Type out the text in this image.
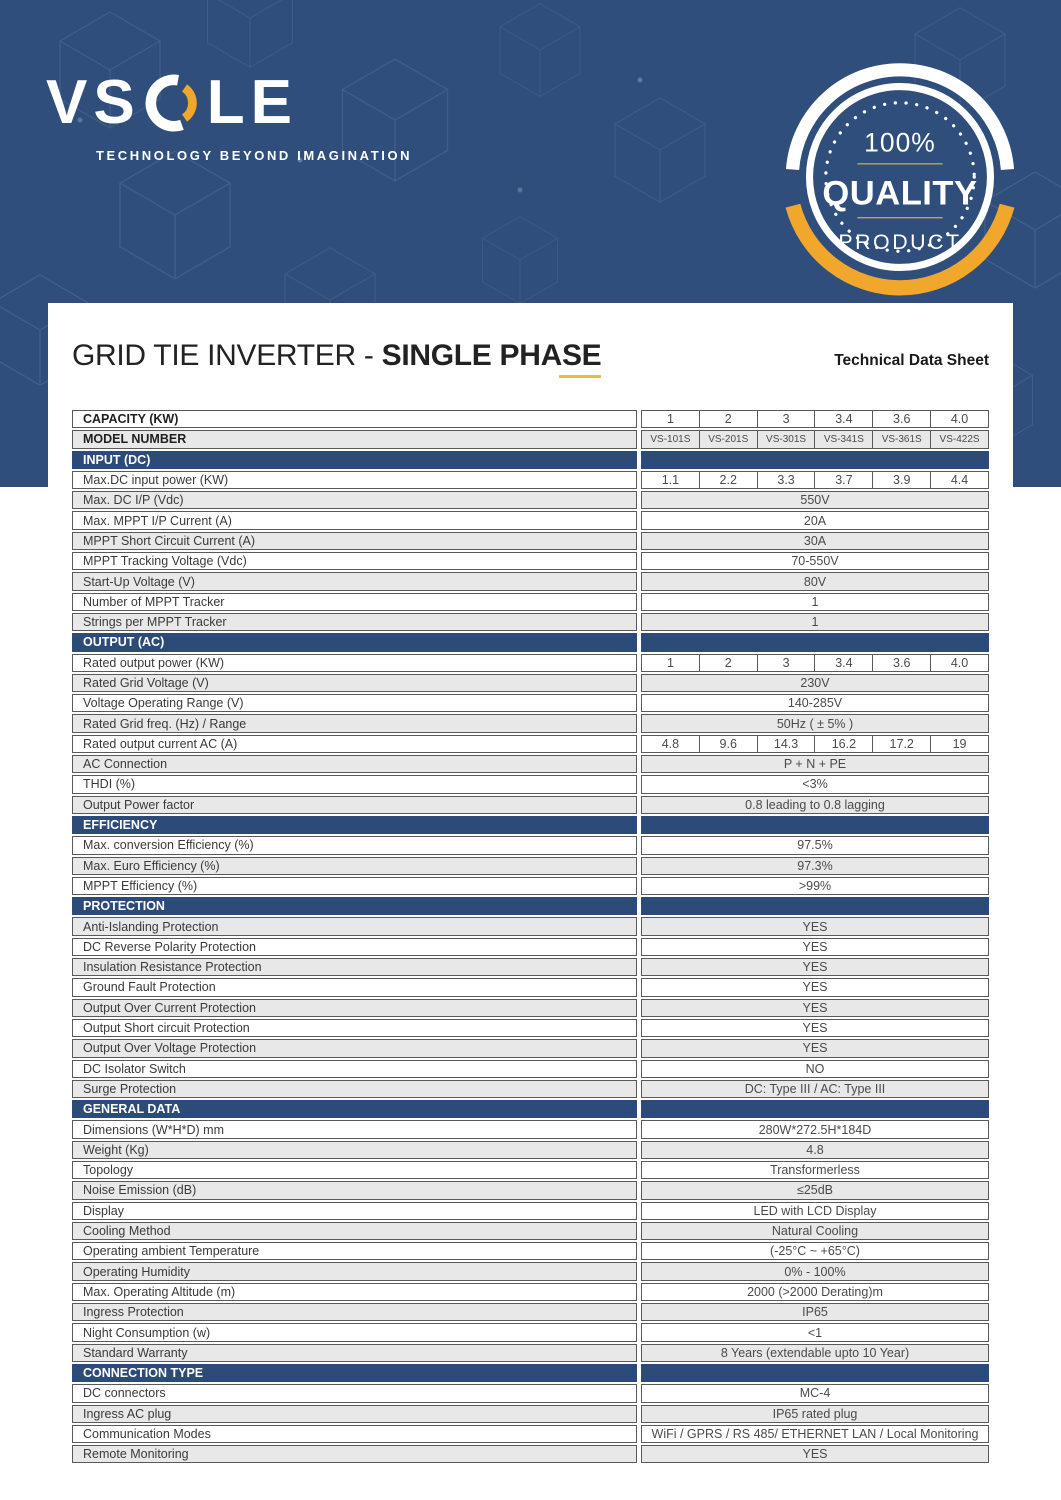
VS LE
TECHNOLOGY BEYOND IMAGINATION	100%
QUALITY
PRODUCT
GRID TIE INVERTER - SINGLE PHASE	Technical Data Sheet
CAPACITY (KW)	1	2	3	3.4	3.6	4.0
MODEL NUMBER	VS-101S	VS-201S	VS-301S	VS-341S	VS-361S	VS-422S
INPUT (DC)
Max.DC input power (KW)	1.1	2.2	3.3	3.7	3.9	4.4
Max. DC I/P (Vdc)	550V
Max. MPPT I/P Current (A)	20A
MPPT Short Circuit Current (A)	30A
MPPT Tracking Voltage (Vdc)	70-550V
Start-Up Voltage (V)	80V
Number of MPPT Tracker	1
Strings per MPPT Tracker	1
OUTPUT (AC)
Rated output power (KW)	1	2	3	3.4	3.6	4.0
Rated Grid Voltage (V)	230V
Voltage Operating Range (V)	140-285V
Rated Grid freq. (Hz) / Range	50Hz ( ± 5% )
Rated output current AC (A)	4.8	9.6	14.3	16.2	17.2	19
AC Connection	P + N + PE
THDI (%)	<3%
Output Power factor	0.8 leading to 0.8 lagging
EFFICIENCY
Max. conversion Efficiency (%)	97.5%
Max. Euro Efficiency (%)	97.3%
MPPT Efficiency (%)	>99%
PROTECTION
Anti-Islanding Protection	YES
DC Reverse Polarity Protection	YES
Insulation Resistance Protection	YES
Ground Fault Protection	YES
Output Over Current Protection	YES
Output Short circuit Protection	YES
Output Over Voltage Protection	YES
DC Isolator Switch	NO
Surge Protection	DC: Type III / AC: Type III
GENERAL DATA
Dimensions (W*H*D) mm	280W*272.5H*184D
Weight (Kg)	4.8
Topology	Transformerless
Noise Emission (dB)	≤25dB
Display	LED with LCD Display
Cooling Method	Natural Cooling
Operating ambient Temperature	(-25°C ~ +65°C)
Operating Humidity	0% - 100%
Max. Operating Altitude (m)	2000 (>2000 Derating)m
Ingress Protection	IP65
Night Consumption (w)	<1
Standard Warranty	8 Years (extendable upto 10 Year)
CONNECTION TYPE
DC connectors	MC-4
Ingress AC plug	IP65 rated plug
Communication Modes	WiFi / GPRS / RS 485/ ETHERNET LAN / Local Monitoring
Remote Monitoring	YES
